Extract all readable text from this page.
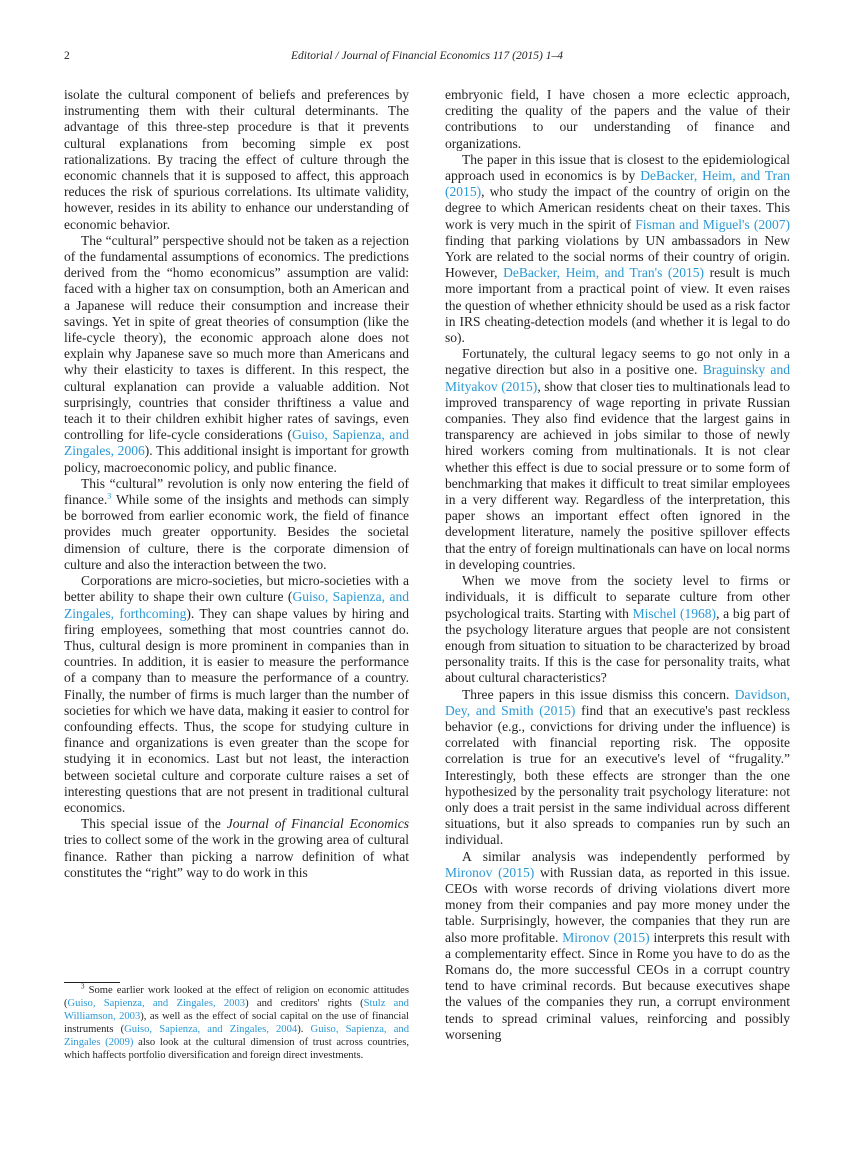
2	Editorial / Journal of Financial Economics 117 (2015) 1–4

isolate the cultural component of beliefs and preferences by instrumenting them with their cultural determinants. The advantage of this three-step procedure is that it prevents cultural explanations from becoming simple ex post rationalizations. By tracing the effect of culture through the economic channels that it is supposed to affect, this approach reduces the risk of spurious correlations. Its ultimate validity, however, resides in its ability to enhance our understanding of economic behavior.

The “cultural” perspective should not be taken as a rejection of the fundamental assumptions of economics. The predictions derived from the “homo economicus” assumption are valid: faced with a higher tax on consumption, both an American and a Japanese will reduce their consumption and increase their savings. Yet in spite of great theories of consumption (like the life-cycle theory), the economic approach alone does not explain why Japanese save so much more than Americans and why their elasticity to taxes is different. In this respect, the cultural explanation can provide a valuable addition. Not surprisingly, countries that consider thriftiness a value and teach it to their children exhibit higher rates of savings, even controlling for life-cycle considerations (Guiso, Sapienza, and Zingales, 2006). This additional insight is important for growth policy, macroeconomic policy, and public finance.

This “cultural” revolution is only now entering the field of finance.$^3$ While some of the insights and methods can simply be borrowed from earlier economic work, the field of finance provides much greater opportunity. Besides the societal dimension of culture, there is the corporate dimension of culture and also the interaction between the two.

Corporations are micro-societies, but micro-societies with a better ability to shape their own culture (Guiso, Sapienza, and Zingales, forthcoming). They can shape values by hiring and firing employees, something that most countries cannot do. Thus, cultural design is more prominent in companies than in countries. In addition, it is easier to measure the performance of a company than to measure the performance of a country. Finally, the number of firms is much larger than the number of societies for which we have data, making it easier to control for confounding effects. Thus, the scope for studying culture in finance and organizations is even greater than the scope for studying it in economics. Last but not least, the interaction between societal culture and corporate culture raises a set of interesting questions that are not present in traditional cultural economics.

This special issue of the Journal of Financial Economics tries to collect some of the work in the growing area of cultural finance. Rather than picking a narrow definition of what constitutes the “right” way to do work in this

embryonic field, I have chosen a more eclectic approach, crediting the quality of the papers and the value of their contributions to our understanding of finance and organizations.

The paper in this issue that is closest to the epidemiological approach used in economics is by DeBacker, Heim, and Tran (2015), who study the impact of the country of origin on the degree to which American residents cheat on their taxes. This work is very much in the spirit of Fisman and Miguel's (2007) finding that parking violations by UN ambassadors in New York are related to the social norms of their country of origin. However, DeBacker, Heim, and Tran's (2015) result is much more important from a practical point of view. It even raises the question of whether ethnicity should be used as a risk factor in IRS cheating-detection models (and whether it is legal to do so).

Fortunately, the cultural legacy seems to go not only in a negative direction but also in a positive one. Braguinsky and Mityakov (2015), show that closer ties to multinationals lead to improved transparency of wage reporting in private Russian companies. They also find evidence that the largest gains in transparency are achieved in jobs similar to those of newly hired workers coming from multinationals. It is not clear whether this effect is due to social pressure or to some form of benchmarking that makes it difficult to treat similar employees in a very different way. Regardless of the interpretation, this paper shows an important effect often ignored in the development literature, namely the positive spillover effects that the entry of foreign multinationals can have on local norms in developing countries.

When we move from the society level to firms or individuals, it is difficult to separate culture from other psychological traits. Starting with Mischel (1968), a big part of the psychology literature argues that people are not consistent enough from situation to situation to be characterized by broad personality traits. If this is the case for personality traits, what about cultural characteristics?

Three papers in this issue dismiss this concern. Davidson, Dey, and Smith (2015) find that an executive's past reckless behavior (e.g., convictions for driving under the influence) is correlated with financial reporting risk. The opposite correlation is true for an executive's level of “frugality.” Interestingly, both these effects are stronger than the one hypothesized by the personality trait psychology literature: not only does a trait persist in the same individual across different situations, but it also spreads to companies run by such an individual.

A similar analysis was independently performed by Mironov (2015) with Russian data, as reported in this issue. CEOs with worse records of driving violations divert more money from their companies and pay more money under the table. Surprisingly, however, the companies that they run are also more profitable. Mironov (2015) interprets this result with a complementarity effect. Since in Rome you have to do as the Romans do, the more successful CEOs in a corrupt country tend to have criminal records. But because executives shape the values of the companies they run, a corrupt environment tends to spread criminal values, reinforcing and possibly worsening

$^3$ Some earlier work looked at the effect of religion on economic attitudes (Guiso, Sapienza, and Zingales, 2003) and creditors' rights (Stulz and Williamson, 2003), as well as the effect of social capital on the use of financial instruments (Guiso, Sapienza, and Zingales, 2004). Guiso, Sapienza, and Zingales (2009) also look at the cultural dimension of trust across countries, which haffects portfolio diversification and foreign direct investments.
